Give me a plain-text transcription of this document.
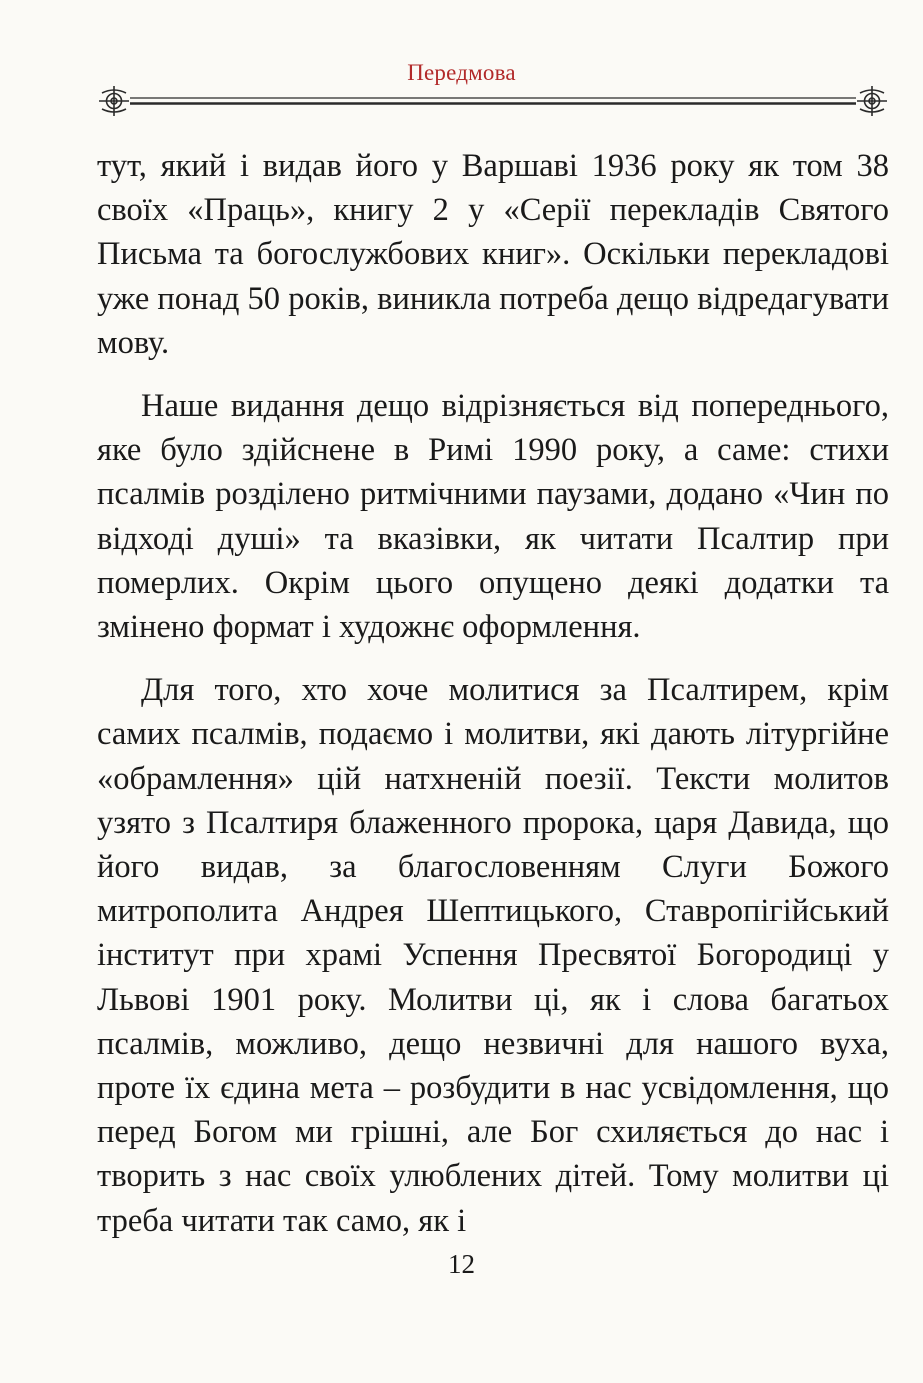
Передмова

тут, який і видав його у Варшаві 1936 року як том 38 своїх «Праць», книгу 2 у «Серії перекладів Святого Письма та богослужбових книг». Оскільки перекладові уже понад 50 років, виникла потреба дещо відредагувати мову.

Наше видання дещо відрізняється від попереднього, яке було здійснене в Римі 1990 року, а саме: стихи псалмів розділено ритмічними паузами, додано «Чин по відході душі» та вказівки, як читати Псалтир при померлих. Окрім цього опущено деякі додатки та змінено формат і художнє оформлення.

Для того, хто хоче молитися за Псалтирем, крім самих псалмів, подаємо і молитви, які дають літургійне «обрамлення» цій натхненій поезії. Тексти молитов узято з Псалтиря блаженного пророка, царя Давида, що його видав, за благословенням Слуги Божого митрополита Андрея Шептицького, Ставропігійський інститут при храмі Успення Пресвятої Богородиці у Львові 1901 року. Молитви ці, як і слова багатьох псалмів, можливо, дещо незвичні для нашого вуха, проте їх єдина мета – розбудити в нас усвідомлення, що перед Богом ми грішні, але Бог схиляється до нас і творить з нас своїх улюблених дітей. Тому молитви ці треба читати так само, як і

12
